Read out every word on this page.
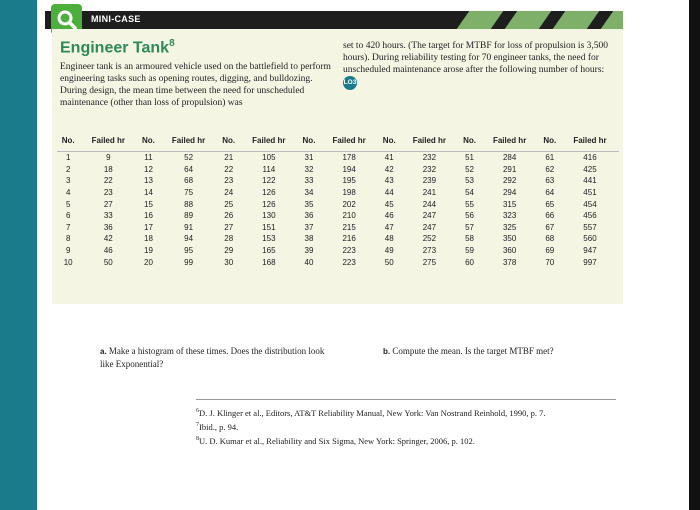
MINI-CASE
Engineer Tank$^8$
Engineer tank is an armoured vehicle used on the battlefield to perform engineering tasks such as opening routes, digging, and bulldozing. During design, the mean time between the need for unscheduled maintenance (other than loss of propulsion) was
set to 420 hours. (The target for MTBF for loss of propulsion is 3,500 hours). During reliability testing for 70 engineer tanks, the need for unscheduled maintenance arose after the following number of hours: LO3
No.	Failed hr	No.	Failed hr	No.	Failed hr	No.	Failed hr	No.	Failed hr	No.	Failed hr	No.	Failed hr
1	9	11	52	21	105	31	178	41	232	51	284	61	416
2	18	12	64	22	114	32	194	42	232	52	291	62	425
3	22	13	68	23	122	33	195	43	239	53	292	63	441
4	23	14	75	24	126	34	198	44	241	54	294	64	451
5	27	15	88	25	126	35	202	45	244	55	315	65	454
6	33	16	89	26	130	36	210	46	247	56	323	66	456
7	36	17	91	27	151	37	215	47	247	57	325	67	557
8	42	18	94	28	153	38	216	48	252	58	350	68	560
9	46	19	95	29	165	39	223	49	273	59	360	69	947
10	50	20	99	30	168	40	223	50	275	60	378	70	997
a. Make a histogram of these times. Does the distribution look like Exponential?
b. Compute the mean. Is the target MTBF met?
$^6$D. J. Klinger et al., Editors, AT&T Reliability Manual, New York: Van Nostrand Reinhold, 1990, p. 7.
$^7$Ibid., p. 94.
$^8$U. D. Kumar et al., Reliability and Six Sigma, New York: Springer, 2006, p. 102.
